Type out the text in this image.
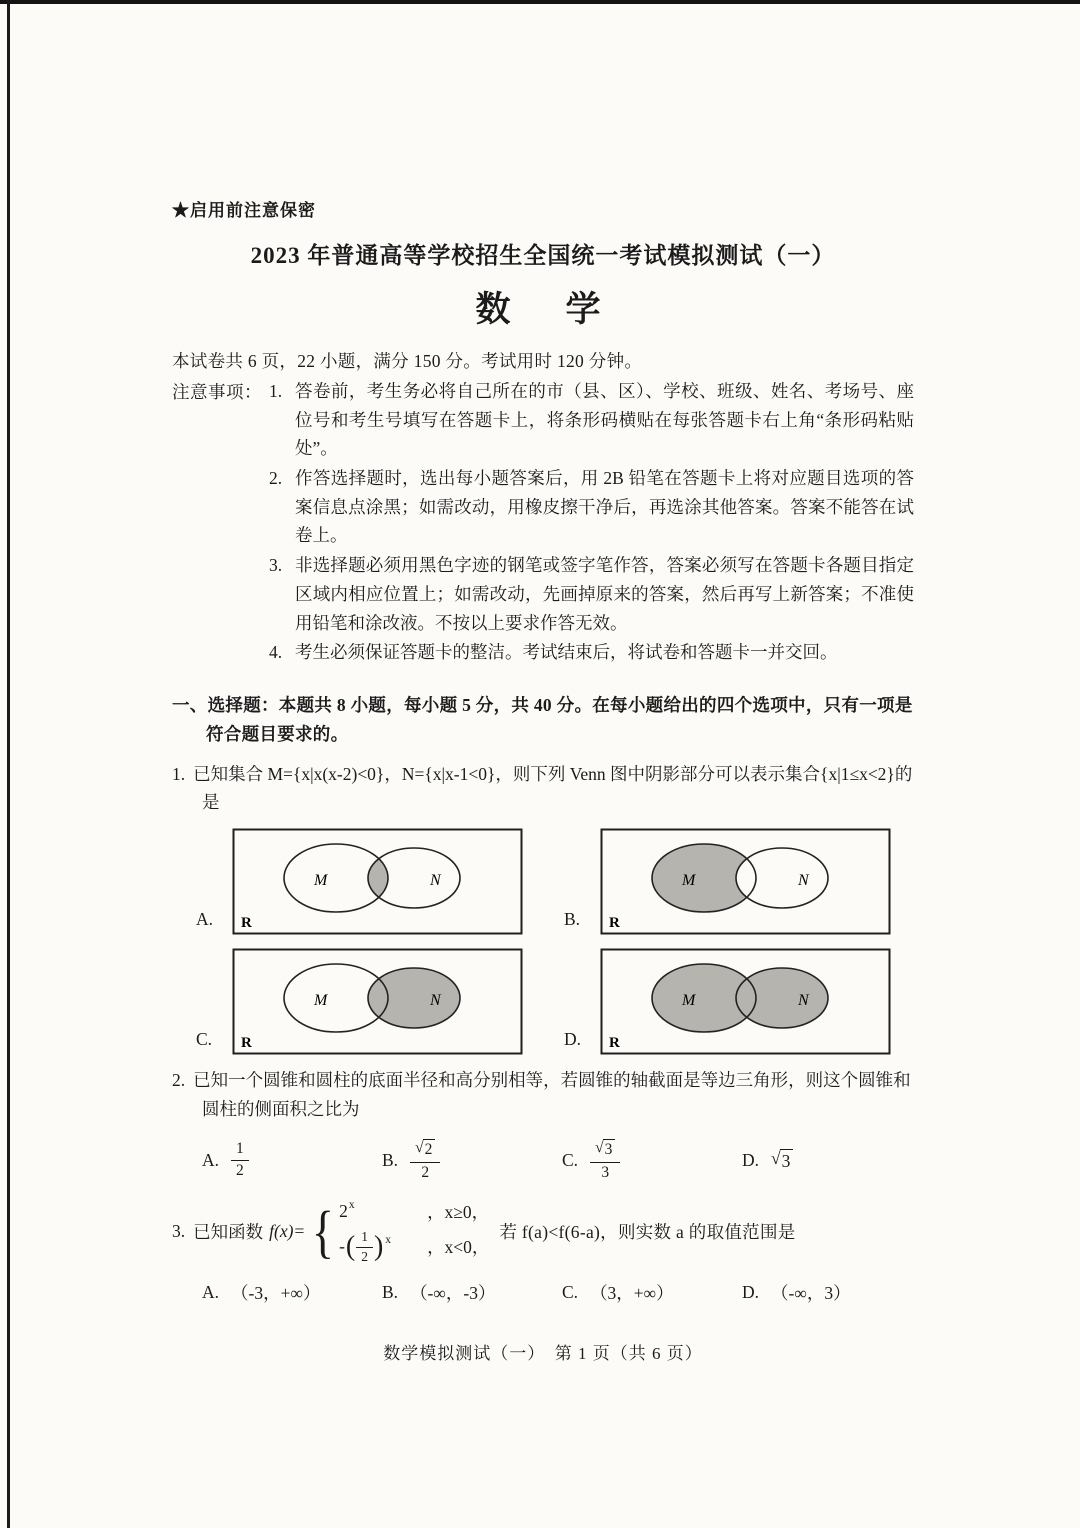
★启用前注意保密
2023 年普通高等学校招生全国统一考试模拟测试（一）
数　学
本试卷共 6 页，22 小题，满分 150 分。考试用时 120 分钟。
注意事项： 1. 答卷前，考生务必将自己所在的市（县、区）、学校、班级、姓名、考场号、座位号和考生号填写在答题卡上，将条形码横贴在每张答题卡右上角“条形码粘贴处”。
2. 作答选择题时，选出每小题答案后，用 2B 铅笔在答题卡上将对应题目选项的答案信息点涂黑；如需改动，用橡皮擦干净后，再选涂其他答案。答案不能答在试卷上。
3. 非选择题必须用黑色字迹的钢笔或签字笔作答，答案必须写在答题卡各题目指定区域内相应位置上；如需改动，先画掉原来的答案，然后再写上新答案；不准使用铅笔和涂改液。不按以上要求作答无效。
4. 考生必须保证答题卡的整洁。考试结束后，将试卷和答题卡一并交回。
一、选择题：本题共 8 小题，每小题 5 分，共 40 分。在每小题给出的四个选项中，只有一项是符合题目要求的。
1. 已知集合 M={x|x(x-2)<0}，N={x|x-1<0}，则下列 Venn 图中阴影部分可以表示集合{x|1≤x<2}的是
A.
M	N
R	B.
M	N
R
C.
M	N
R	D.
M	N
R
2. 已知一个圆锥和圆柱的底面半径和高分别相等，若圆锥的轴截面是等边三角形，则这个圆锥和圆柱的侧面积之比为
A. $\frac{1}{2}$	B. $\frac{√ 2}{2}$	C. $\frac{√ 3}{3}$	D. √ 3
3. 已知函数 f(x)= { 2 x	，x≥0，
- ( $\frac{1}{2}$ ) x ，x<0，
若 f(a)<f(6-a)，则实数 a 的取值范围是
A. （-3，+∞）	B. （-∞，-3）	C. （3，+∞）	D. （-∞，3）
数学模拟测试（一）　第 1 页（共 6 页）
